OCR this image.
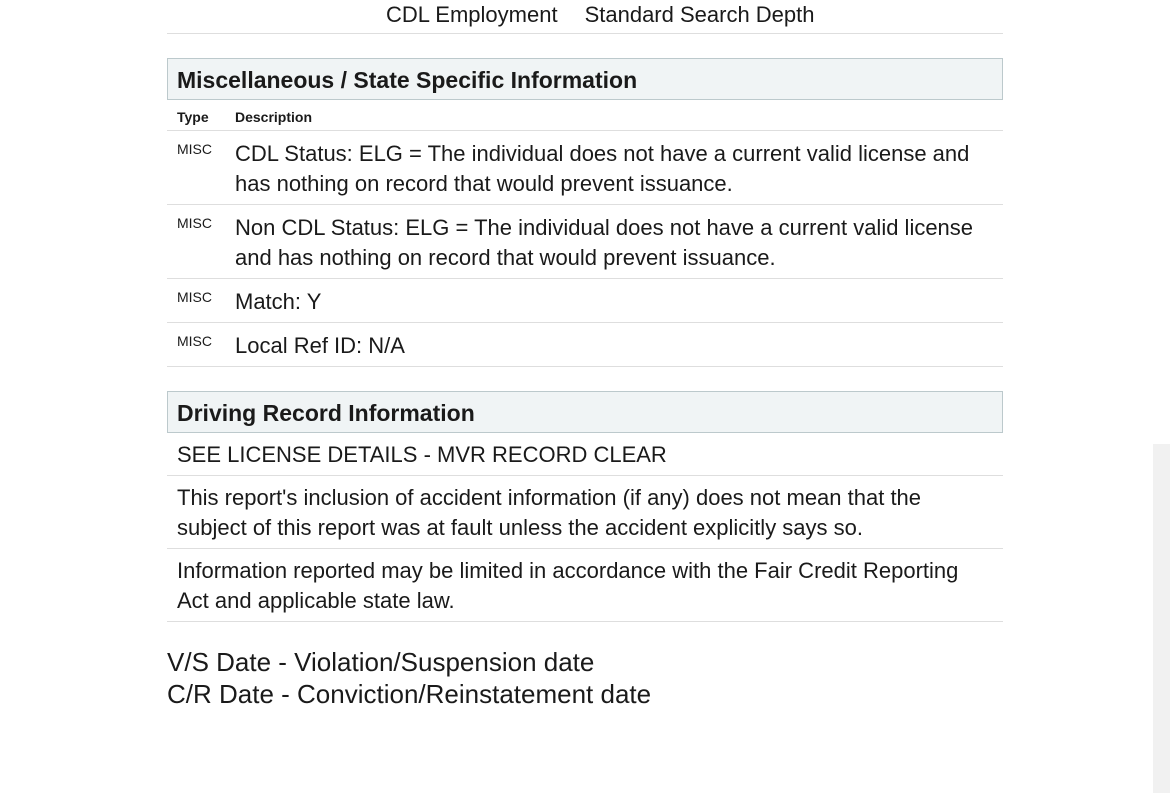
CDL Employment Standard Search Depth
Miscellaneous / State Specific Information
Type	Description
MISC	CDL Status: ELG = The individual does not have a current valid license and has nothing on record that would prevent issuance.
MISC	Non CDL Status: ELG = The individual does not have a current valid license and has nothing on record that would prevent issuance.
MISC	Match: Y
MISC	Local Ref ID: N/A
Driving Record Information
SEE LICENSE DETAILS - MVR RECORD CLEAR
This report's inclusion of accident information (if any) does not mean that the subject of this report was at fault unless the accident explicitly says so.
Information reported may be limited in accordance with the Fair Credit Reporting Act and applicable state law.
V/S Date - Violation/Suspension date
C/R Date - Conviction/Reinstatement date
